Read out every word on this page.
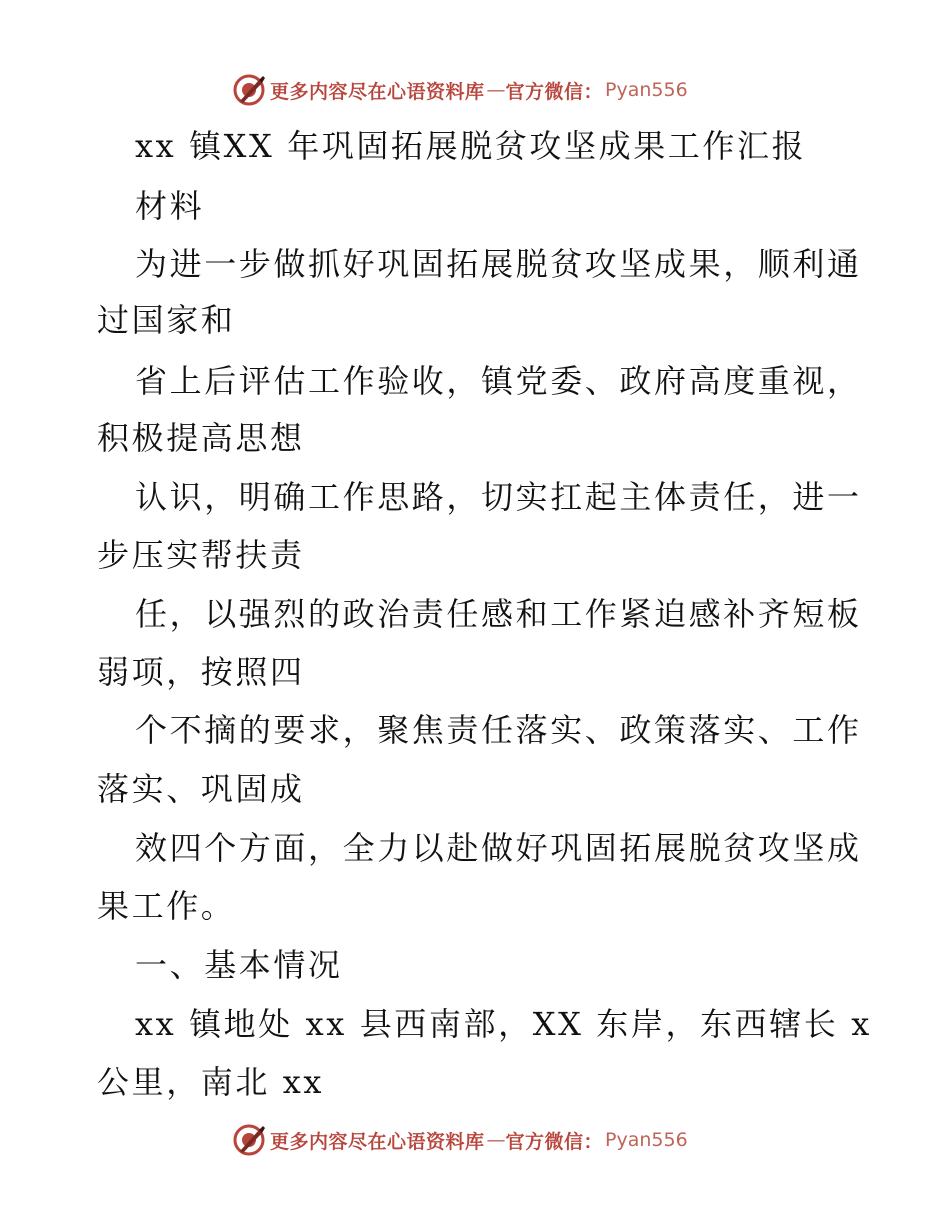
更多内容尽在心语资料库 — 官方微信： Pyan556
xx 镇XX 年巩固拓展脱贫攻坚成果工作汇报
材料
为进一步做抓好巩固拓展脱贫攻坚成果，顺利通
过国家和
省上后评估工作验收，镇党委、政府高度重视，
积极提高思想
认识，明确工作思路，切实扛起主体责任，进一
步压实帮扶责
任，以强烈的政治责任感和工作紧迫感补齐短板
弱项，按照四
个不摘的要求，聚焦责任落实、政策落实、工作
落实、巩固成
效四个方面，全力以赴做好巩固拓展脱贫攻坚成
果工作。
一、基本情况
xx 镇地处 xx 县西南部，XX 东岸，东西辖长 x
公里，南北 xx
更多内容尽在心语资料库 — 官方微信： Pyan556
